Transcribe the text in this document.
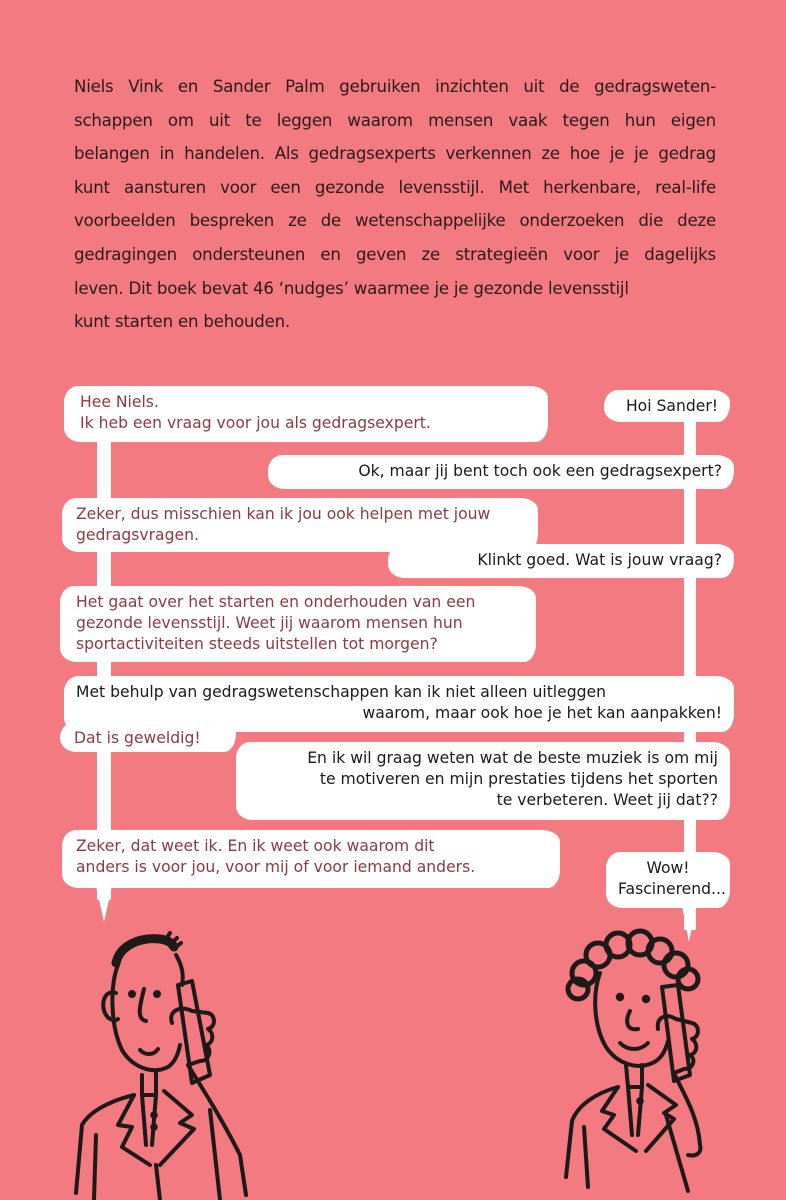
Niels Vink en Sander Palm gebruiken inzichten uit de gedragsweten-
schappen om uit te leggen waarom mensen vaak tegen hun eigen
belangen in handelen. Als gedragsexperts verkennen ze hoe je je gedrag
kunt aansturen voor een gezonde levensstijl. Met herkenbare, real-life
voorbeelden bespreken ze de wetenschappelijke onderzoeken die deze
gedragingen ondersteunen en geven ze strategieën voor je dagelijks
leven. Dit boek bevat 46 ‘nudges’ waarmee je je gezonde levensstijl
kunt starten en behouden.
Hee Niels.
Ik heb een vraag voor jou als gedragsexpert.
Hoi Sander!
Ok, maar jij bent toch ook een gedragsexpert?
Zeker, dus misschien kan ik jou ook helpen met jouw
gedragsvragen.
Klinkt goed. Wat is jouw vraag?
Het gaat over het starten en onderhouden van een
gezonde levensstijl. Weet jij waarom mensen hun
sportactiviteiten steeds uitstellen tot morgen?
Met behulp van gedragswetenschappen kan ik niet alleen uitleggen
waarom, maar ook hoe je het kan aanpakken!
Dat is geweldig!
En ik wil graag weten wat de beste muziek is om mij
te motiveren en mijn prestaties tijdens het sporten
te verbeteren. Weet jij dat??
Zeker, dat weet ik. En ik weet ook waarom dit
anders is voor jou, voor mij of voor iemand anders.	Wow!
Fascinerend...
